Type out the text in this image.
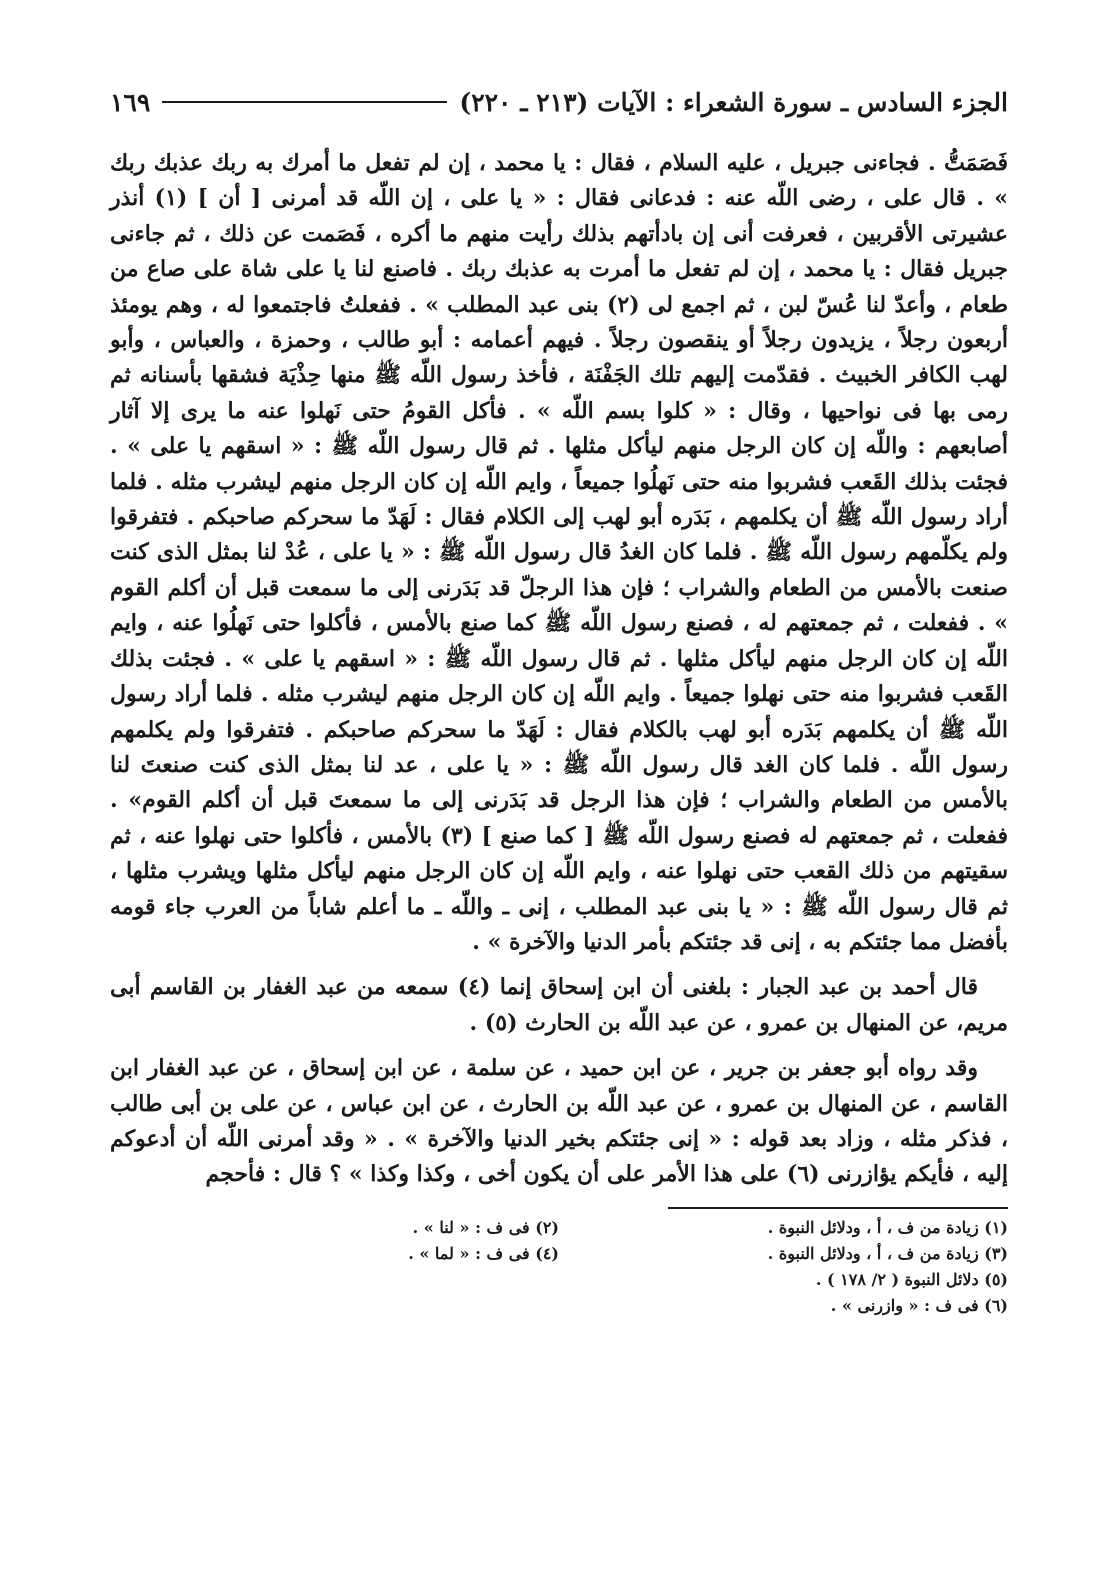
الجزء السادس ـ سورة الشعراء : الآيات (٢١٣ ـ ٢٢٠)
١٦٩

فَصَمَتُّ . فجاءنى جبريل ، عليه السلام ، فقال : يا محمد ، إن لم تفعل ما أمرك به ربك عذبك ربك » . قال على ، رضى اللّه عنه : فدعانى فقال : « يا على ، إن اللّه قد أمرنى [ أن ] (١) أنذر عشيرتى الأقربين ، فعرفت أنى إن بادأتهم بذلك رأيت منهم ما أكره ، فَصَمت عن ذلك ، ثم جاءنى جبريل فقال : يا محمد ، إن لم تفعل ما أمرت به عذبك ربك . فاصنع لنا يا على شاة على صاع من طعام ، وأعدّ لنا عُسّ لبن ، ثم اجمع لى (٢) بنى عبد المطلب » . ففعلتُ فاجتمعوا له ، وهم يومئذ أربعون رجلاً ، يزيدون رجلاً أو ينقصون رجلاً . فيهم أعمامه : أبو طالب ، وحمزة ، والعباس ، وأبو لهب الكافر الخبيث . فقدّمت إليهم تلك الجَفْنَة ، فأخذ رسول اللّه ﷺ منها حِذْيَة فشقها بأسنانه ثم رمى بها فى نواحيها ، وقال : « كلوا بسم اللّه » . فأكل القومُ حتى نَهلوا عنه ما يرى إلا آثار أصابعهم : واللّه إن كان الرجل منهم ليأكل مثلها . ثم قال رسول اللّه ﷺ : « اسقهم يا على » . فجئت بذلك القَعب فشربوا منه حتى نَهلُوا جميعاً ، وايم اللّه إن كان الرجل منهم ليشرب مثله . فلما أراد رسول اللّه ﷺ أن يكلمهم ، بَدَره أبو لهب إلى الكلام فقال : لَهَدّ ما سحركم صاحبكم . فتفرقوا ولم يكلّمهم رسول اللّه ﷺ . فلما كان الغدُ قال رسول اللّه ﷺ : « يا على ، عُدْ لنا بمثل الذى كنت صنعت بالأمس من الطعام والشراب ؛ فإن هذا الرجلّ قد بَدَرنى إلى ما سمعت قبل أن أكلم القوم » . ففعلت ، ثم جمعتهم له ، فصنع رسول اللّه ﷺ كما صنع بالأمس ، فأكلوا حتى نَهلُوا عنه ، وايم اللّه إن كان الرجل منهم ليأكل مثلها . ثم قال رسول اللّه ﷺ : « اسقهم يا على » . فجئت بذلك القَعب فشربوا منه حتى نهلوا جميعاً . وايم اللّه إن كان الرجل منهم ليشرب مثله . فلما أراد رسول اللّه ﷺ أن يكلمهم بَدَره أبو لهب بالكلام فقال : لَهَدّ ما سحركم صاحبكم . فتفرقوا ولم يكلمهم رسول اللّه . فلما كان الغد قال رسول اللّه ﷺ : « يا على ، عد لنا بمثل الذى كنت صنعتَ لنا بالأمس من الطعام والشراب ؛ فإن هذا الرجل قد بَدَرنى إلى ما سمعتَ قبل أن أكلم القوم» . ففعلت ، ثم جمعتهم له فصنع رسول اللّه ﷺ [ كما صنع ] (٣) بالأمس ، فأكلوا حتى نهلوا عنه ، ثم سقيتهم من ذلك القعب حتى نهلوا عنه ، وايم اللّه إن كان الرجل منهم ليأكل مثلها ويشرب مثلها ، ثم قال رسول اللّه ﷺ : « يا بنى عبد المطلب ، إنى ـ واللّه ـ ما أعلم شاباً من العرب جاء قومه بأفضل مما جئتكم به ، إنى قد جئتكم بأمر الدنيا والآخرة » .

قال أحمد بن عبد الجبار : بلغنى أن ابن إسحاق إنما (٤) سمعه من عبد الغفار بن القاسم أبى مريم، عن المنهال بن عمرو ، عن عبد اللّه بن الحارث (٥) .

وقد رواه أبو جعفر بن جرير ، عن ابن حميد ، عن سلمة ، عن ابن إسحاق ، عن عبد الغفار ابن القاسم ، عن المنهال بن عمرو ، عن عبد اللّه بن الحارث ، عن ابن عباس ، عن على بن أبى طالب ، فذكر مثله ، وزاد بعد قوله : « إنى جئتكم بخير الدنيا والآخرة » . « وقد أمرنى اللّه أن أدعوكم إليه ، فأيكم يؤازرنى (٦) على هذا الأمر على أن يكون أخى ، وكذا وكذا » ؟ قال : فأحجم

(١) زيادة من ف ، أ ، ودلائل النبوة .
(٢) فى ف : « لنا » .
(٣) زيادة من ف ، أ ، ودلائل النبوة .
(٤) فى ف : « لما » .
(٥) دلائل النبوة ( ٢/ ١٧٨ ) .
(٦) فى ف : « وازرنى » .
